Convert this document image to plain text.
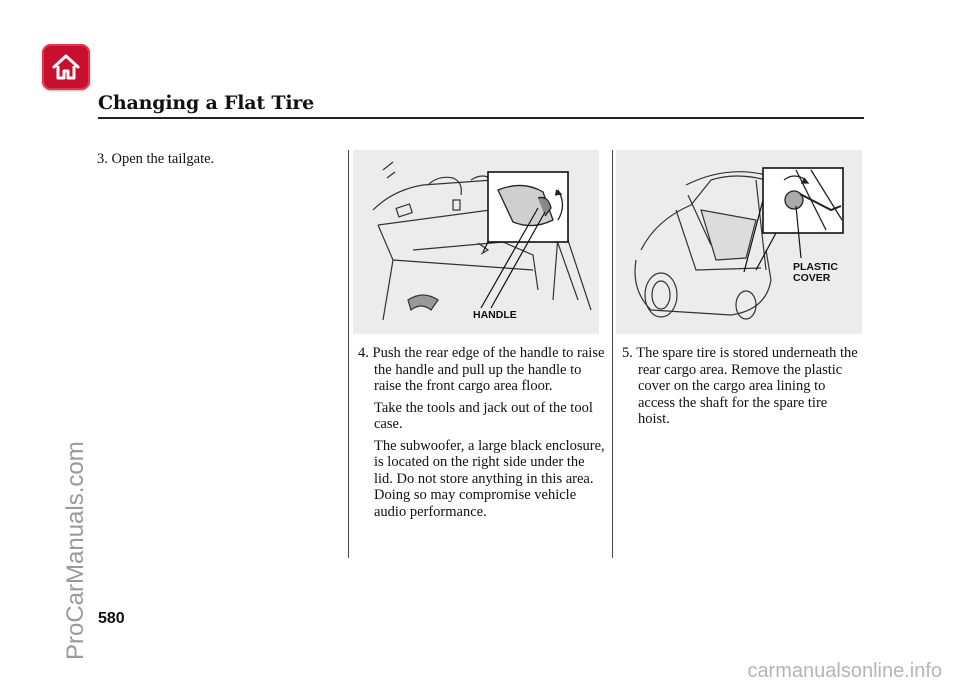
Changing a Flat Tire

3. Open the tailgate.

HANDLE

4. Push the rear edge of the handle to raise the handle and pull up the handle to raise the front cargo area floor.

Take the tools and jack out of the tool case.

The subwoofer, a large black enclosure, is located on the right side under the lid. Do not store anything in this area. Doing so may compromise vehicle audio performance.

PLASTIC COVER

5. The spare tire is stored underneath the rear cargo area. Remove the plastic cover on the cargo area lining to access the shaft for the spare tire hoist.

580
ProCarManuals.com
carmanualsonline.info
